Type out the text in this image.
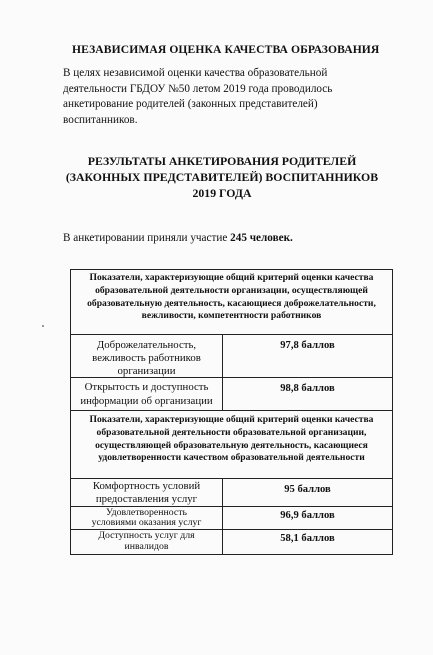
НЕЗАВИСИМАЯ ОЦЕНКА КАЧЕСТВА ОБРАЗОВАНИЯ
В целях независимой оценки качества образовательной
деятельности ГБДОУ №50 летом 2019 года проводилось
анкетирование родителей (законных представителей)
воспитанников.
РЕЗУЛЬТАТЫ АНКЕТИРОВАНИЯ РОДИТЕЛЕЙ
(ЗАКОННЫХ ПРЕДСТАВИТЕЛЕЙ) ВОСПИТАННИКОВ
2019 ГОДА
В анкетировании приняли участие 245 человек.
Показатели, характеризующие общий критерий оценки качества
образовательной деятельности организации, осуществляющей
образовательную деятельность, касающиеся доброжелательности,
вежливости, компетентности работников
Доброжелательность,
вежливость работников
организации
97,8 баллов
Открытость и доступность
информации об организации
98,8 баллов
Показатели, характеризующие общий критерий оценки качества
образовательной деятельности образовательной организации,
осуществляющей образовательную деятельность, касающиеся
удовлетворенности качеством образовательной деятельности
Комфортность условий
предоставления услуг
95 баллов
Удовлетворенность
условиями оказания услуг
96,9 баллов
Доступность услуг для
инвалидов
58,1 баллов
